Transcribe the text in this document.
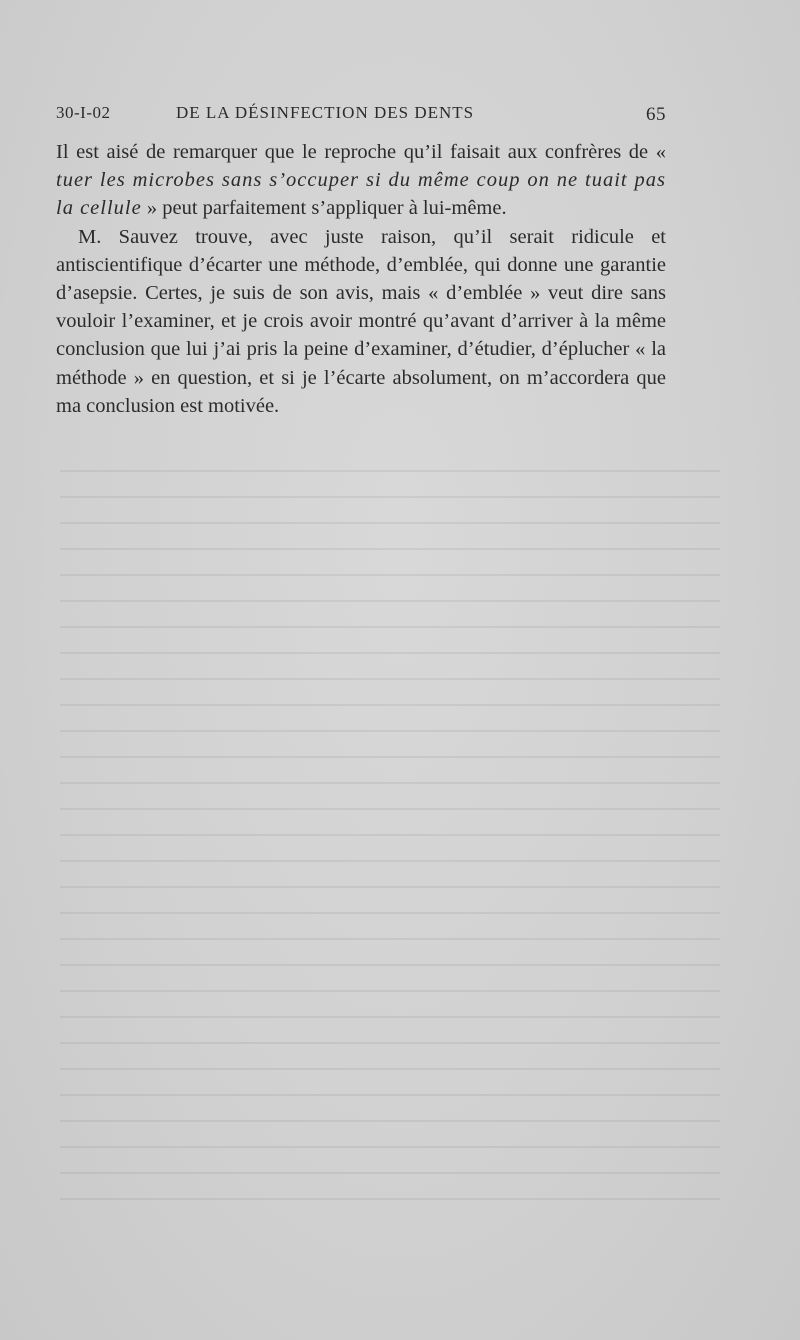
30-I-02	DE LA DÉSINFECTION DES DENTS	65

Il est aisé de remarquer que le reproche qu’il faisait aux confrères de « tuer les microbes sans s’occuper si du même coup on ne tuait pas la cellule » peut parfaitement s’appliquer à lui-même.

M. Sauvez trouve, avec juste raison, qu’il serait ridicule et antiscientifique d’écarter une méthode, d’emblée, qui donne une garantie d’asepsie. Certes, je suis de son avis, mais « d’emblée » veut dire sans vouloir l’examiner, et je crois avoir montré qu’avant d’arriver à la même conclusion que lui j’ai pris la peine d’examiner, d’étudier, d’éplucher « la méthode » en question, et si je l’écarte absolument, on m’accordera que ma conclusion est motivée.
